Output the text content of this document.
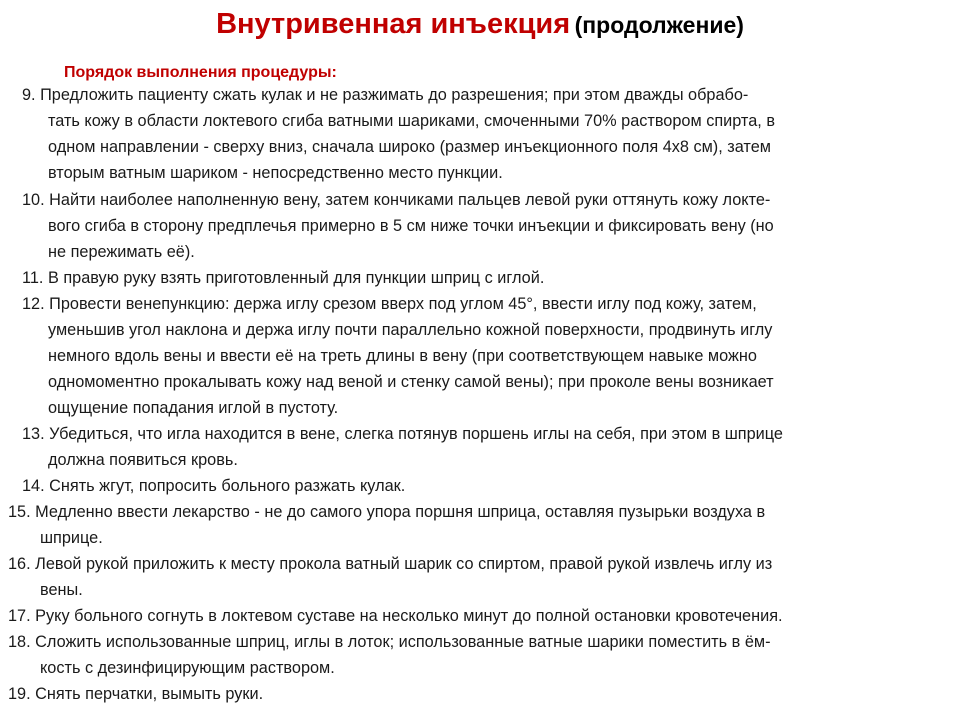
Внутривенная инъекция (продолжение)
Порядок выполнения процедуры:
9. Предложить пациенту сжать кулак и не разжимать до разрешения; при этом дважды обрабо-
тать кожу в области локтевого сгиба ватными шариками, смоченными 70% раствором спирта, в
одном направлении - сверху вниз, сначала широко (размер инъекционного поля 4х8 см), затем
вторым ватным шариком - непосредственно место пункции.
10. Найти наиболее наполненную вену, затем кончиками пальцев левой руки оттянуть кожу локте-
вого сгиба в сторону предплечья примерно в 5 см ниже точки инъекции и фиксировать вену (но
не пережимать её).
11. В правую руку взять приготовленный для пункции шприц с иглой.
12. Провести венепункцию: держа иглу срезом вверх под углом 45°, ввести иглу под кожу, затем,
уменьшив угол наклона и держа иглу почти параллельно кожной поверхности, продвинуть иглу
немного вдоль вены и ввести её на треть длины в вену (при соответствующем навыке можно
одномоментно прокалывать кожу над веной и стенку самой вены); при проколе вены возникает
ощущение попадания иглой в пустоту.
13. Убедиться, что игла находится в вене, слегка потянув поршень иглы на себя, при этом в шприце
должна появиться кровь.
14. Снять жгут, попросить больного разжать кулак.
15. Медленно ввести лекарство - не до самого упора поршня шприца, оставляя пузырьки воздуха в
шприце.
16. Левой рукой приложить к месту прокола ватный шарик со спиртом, правой рукой извлечь иглу из
вены.
17. Руку больного согнуть в локтевом суставе на несколько минут до полной остановки кровотечения.
18. Сложить использованные шприц, иглы в лоток; использованные ватные шарики поместить в ём-
кость с дезинфицирующим раствором.
19. Снять перчатки, вымыть руки.
